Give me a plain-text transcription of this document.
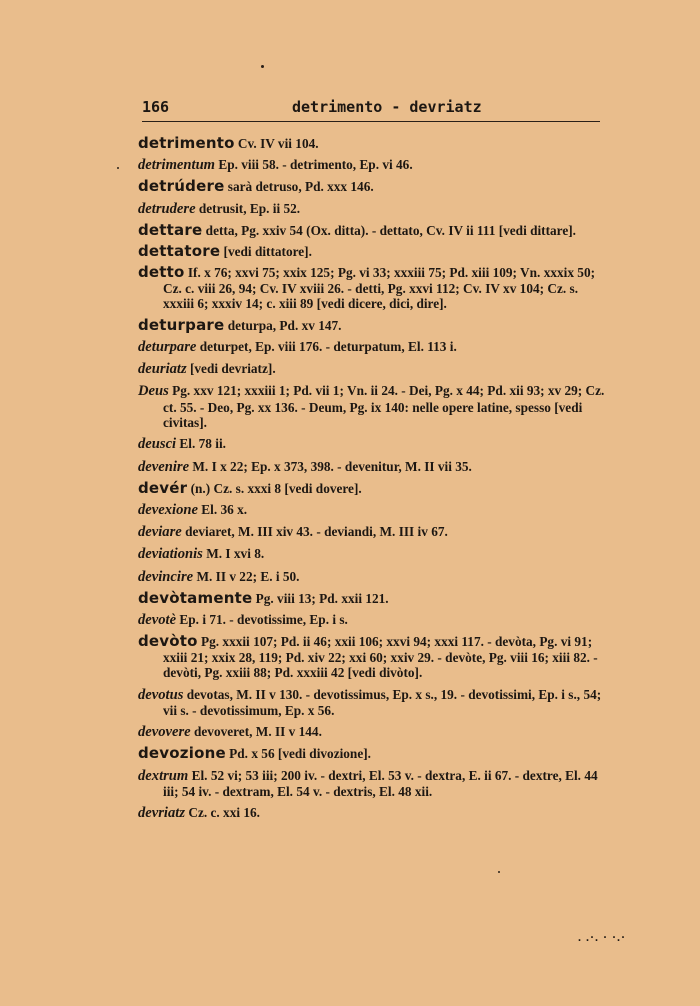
166	detrimento - devriatz
detrimento Cv. IV vii 104.
detrimentum Ep. viii 58. - detrimento, Ep. vi 46.
detrúdere sarà detruso, Pd. xxx 146.
detrudere detrusit, Ep. ii 52.
dettare detta, Pg. xxiv 54 (Ox. ditta). - dettato, Cv. IV ii 111 [vedi dittare].
dettatore [vedi dittatore].
detto If. x 76; xxvi 75; xxix 125; Pg. vi 33; xxxiii 75; Pd. xiii 109; Vn. xxxix 50; Cz. c. viii 26, 94; Cv. IV xviii 26. - detti, Pg. xxvi 112; Cv. IV xv 104; Cz. s. xxxiii 6; xxxiv 14; c. xiii 89 [vedi dicere, dici, dire].
deturpare deturpa, Pd. xv 147.
deturpare deturpet, Ep. viii 176. - deturpatum, El. 113 i.
deuriatz [vedi devriatz].
Deus Pg. xxv 121; xxxiii 1; Pd. vii 1; Vn. ii 24. - Dei, Pg. x 44; Pd. xii 93; xv 29; Cz. ct. 55. - Deo, Pg. xx 136. - Deum, Pg. ix 140: nelle opere latine, spesso [vedi civitas].
deusci El. 78 ii.
devenire M. I x 22; Ep. x 373, 398. - devenitur, M. II vii 35.
devér (n.) Cz. s. xxxi 8 [vedi dovere].
devexione El. 36 x.
deviare deviaret, M. III xiv 43. - deviandi, M. III iv 67.
deviationis M. I xvi 8.
devincire M. II v 22; E. i 50.
devòtamente Pg. viii 13; Pd. xxii 121.
devotè Ep. i 71. - devotissime, Ep. i s.
devòto Pg. xxxii 107; Pd. ii 46; xxii 106; xxvi 94; xxxi 117. - devòta, Pg. vi 91; xxiii 21; xxix 28, 119; Pd. xiv 22; xxi 60; xxiv 29. - devòte, Pg. viii 16; xiii 82. - devòti, Pg. xxiii 88; Pd. xxxiii 42 [vedi divòto].
devotus devotas, M. II v 130. - devotissimus, Ep. x s., 19. - devotissimi, Ep. i s., 54; vii s. - devotissimum, Ep. x 56.
devovere devoveret, M. II v 144.
devozione Pd. x 56 [vedi divozione].
dextrum El. 52 vi; 53 iii; 200 iv. - dextri, El. 53 v. - dextra, E. ii 67. - dextre, El. 44 iii; 54 iv. - dextram, El. 54 v. - dextris, El. 48 xii.
devriatz Cz. c. xxi 16.
. .·. · ·.·
